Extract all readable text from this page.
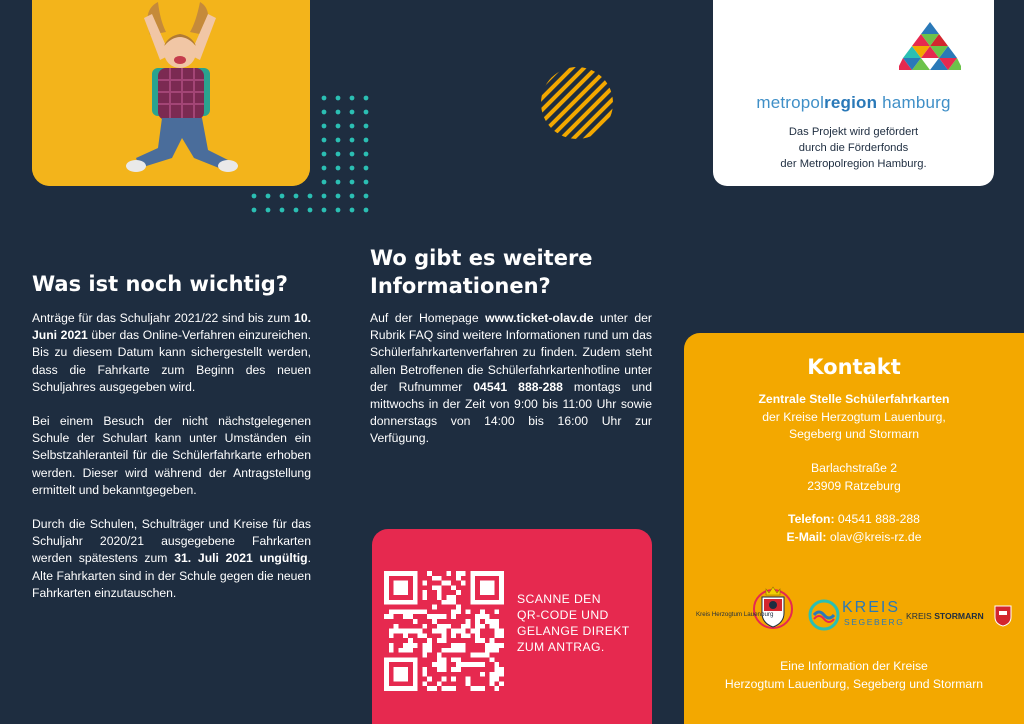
metropolregion hamburg
Das Projekt wird gefördert
durch die Förderfonds
der Metropolregion Hamburg.
Was ist noch wichtig?

Anträge für das Schuljahr 2021/22 sind bis zum 10. Juni 2021 über das Online-Verfahren einzureichen. Bis zu diesem Datum kann sichergestellt werden, dass die Fahrkarte zum Beginn des neuen Schuljahres ausgegeben wird.

Bei einem Besuch der nicht nächstgelegenen Schule der Schulart kann unter Umständen ein Selbstzahleranteil für die Schülerfahrkarte erhoben werden. Dieser wird während der Antragstellung ermittelt und bekanntgegeben.

Durch die Schulen, Schulträger und Kreise für das Schuljahr 2020/21 ausgegebene Fahrkarten werden spätestens zum 31. Juli 2021 ungültig. Alte Fahrkarten sind in der Schule gegen die neuen Fahrkarten einzutauschen.

Wo gibt es weitere Informationen?

Auf der Homepage www.ticket-olav.de unter der Rubrik FAQ sind weitere Informationen rund um das Schülerfahrkartenverfahren zu finden. Zudem steht allen Betroffenen die Schülerfahrkartenhotline unter der Rufnummer 04541 888-288 montags und mittwochs in der Zeit von 9:00 bis 11:00 Uhr sowie donnerstags von 14:00 bis 16:00 Uhr zur Verfügung.

SCANNE DEN
QR-CODE UND
GELANGE DIREKT
ZUM ANTRAG.
Kontakt
Zentrale Stelle Schülerfahrkarten
der Kreise Herzogtum Lauenburg,
Segeberg und Stormarn
Barlachstraße 2
23909 Ratzeburg
Telefon: 04541 888-288
E-Mail: olav@kreis-rz.de
Kreis Herzogtum Lauenburg	KREIS
SEGEBERG
KREIS STORMARN
Eine Information der Kreise
Herzogtum Lauenburg, Segeberg und Stormarn
